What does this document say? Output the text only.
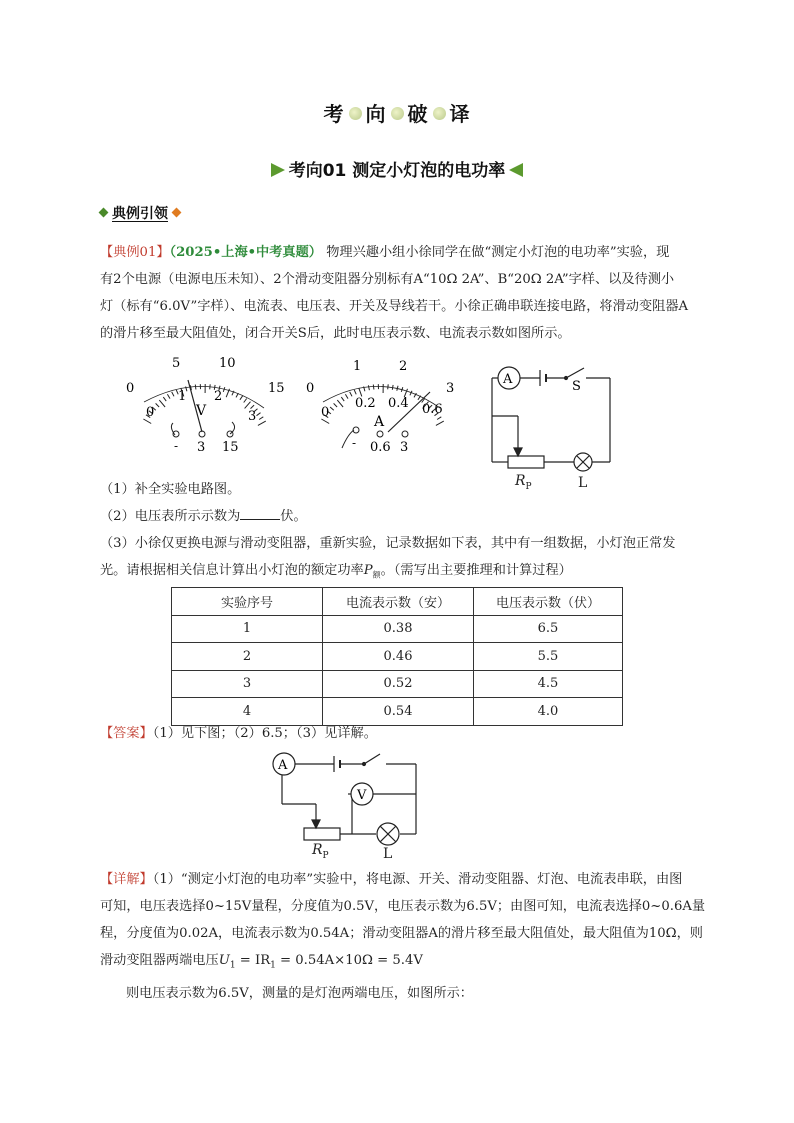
考 向 破 译
考向01 测定小灯泡的电功率
典例引领
【典例01】（2025•上海•中考真题） 物理兴趣小组小徐同学在做“测定小灯泡的电功率”实验，现
有2个电源（电源电压未知）、2个滑动变阻器分别标有A“10Ω 2A”、B“20Ω 2A”字样、以及待测小
灯（标有“6.0V”字样）、电流表、电压表、开关及导线若干。小徐正确串联连接电路，将滑动变阻器A
的滑片移至最大阻值处，闭合开关S后，此时电压表示数、电流表示数如图所示。
0
5	10
15
0
1 2
3
V
- 3 15
0
1	2
3
0
0.2 0.4 0.6
A
- 0.6 3
A	S
$R_P$	L
（1）补全实验电路图。
（2）电压表所示示数为	伏。
（3）小徐仅更换电源与滑动变阻器，重新实验，记录数据如下表，其中有一组数据，小灯泡正常发
光。请根据相关信息计算出小灯泡的额定功率$P_额$。（需写出主要推理和计算过程）
实验序号	电流表示数（安）	电压表示数（伏）
1	0.38	6.5
2	0.46	5.5
3	0.52	4.5
4	0.54	4.0
【答案】（1）见下图；（2）6.5；（3）见详解。
A
V
$R_P$	L
【详解】（1）“测定小灯泡的电功率”实验中，将电源、开关、滑动变阻器、灯泡、电流表串联，由图
可知，电压表选择0~15V量程，分度值为0.5V，电压表示数为6.5V；由图可知，电流表选择0~0.6A量
程，分度值为0.02A，电流表示数为0.54A；滑动变阻器A的滑片移至最大阻值处，最大阻值为10Ω，则
滑动变阻器两端电压$U_1 = IR_1 = 0.54A\times 10\Omega = 5.4V$
则电压表示数为6.5V，测量的是灯泡两端电压，如图所示：
